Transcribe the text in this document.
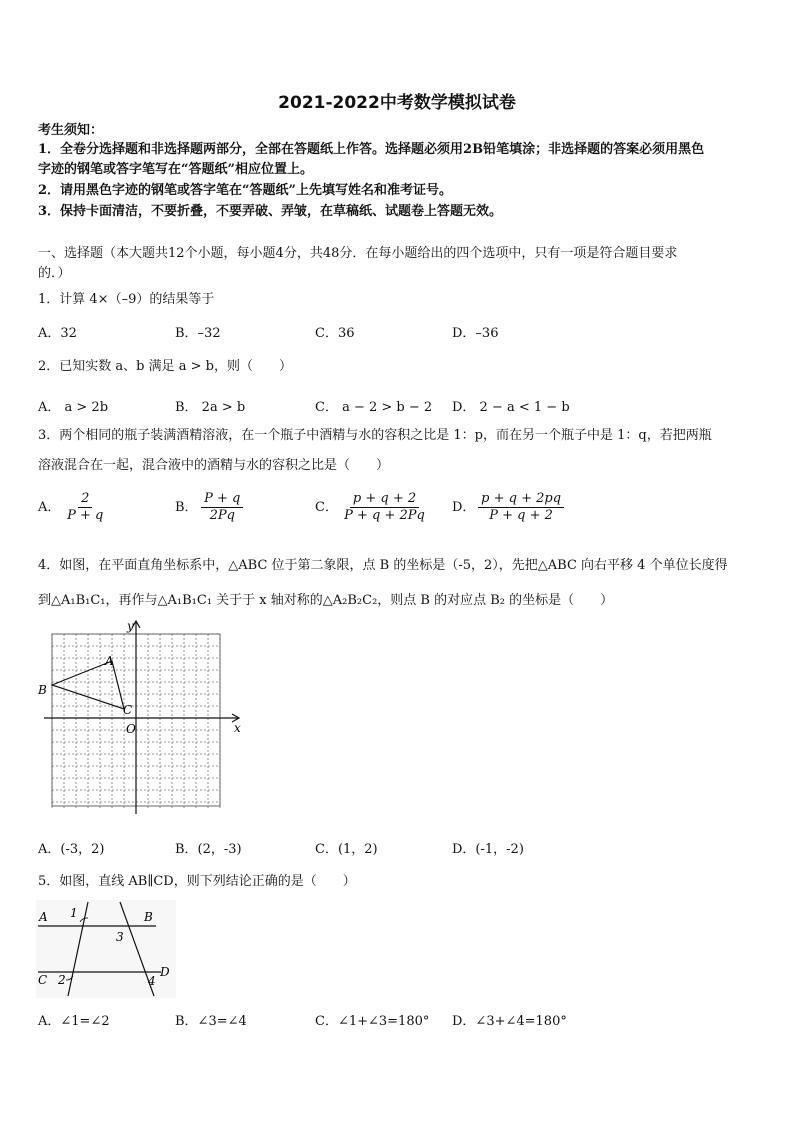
2021-2022中考数学模拟试卷
考生须知：
1．全卷分选择题和非选择题两部分，全部在答题纸上作答。选择题必须用2B铅笔填涂；非选择题的答案必须用黑色
字迹的钢笔或答字笔写在“答题纸”相应位置上。
2．请用黑色字迹的钢笔或答字笔在“答题纸”上先填写姓名和准考证号。
3．保持卡面清洁，不要折叠，不要弄破、弄皱，在草稿纸、试题卷上答题无效。
一、选择题（本大题共12个小题，每小题4分，共48分．在每小题给出的四个选项中，只有一项是符合题目要求
的．）
1．计算 4×（–9）的结果等于
A．32	B．–32	C．36	D．–36
2．已知实数 a、b 满足 a > b，则（　　）
A． a > 2b	B． 2a > b	C． a − 2 > b − 2 D． 2 − a < 1 − b
3．两个相同的瓶子装满酒精溶液，在一个瓶子中酒精与水的容积之比是 1：p，而在另一个瓶子中是 1：q，若把两瓶
溶液混合在一起，混合液中的酒精与水的容积之比是（　　）
A． $\frac{2}{P + q}$	B． $\frac{P + q}{2Pq}$	C． $\frac{p + q + 2}{P + q + 2Pq}$ D． $\frac{p + q + 2pq}{P + q + 2}$
4．如图，在平面直角坐标系中，△ABC 位于第二象限，点 B 的坐标是（-5，2），先把△ABC 向右平移 4 个单位长度得
到△A₁B₁C₁，再作与△A₁B₁C₁ 关于于 x 轴对称的△A₂B₂C₂，则点 B 的对应点 B₂ 的坐标是（　　）
y
x
O
A
B
C
A．(-3，2)	B．(2，-3)	C．(1，2)	D．(-1，-2)
5．如图，直线 AB∥CD，则下列结论正确的是（　　）
A	B
C
D
1
2
3
4
A．∠1=∠2	B．∠3=∠4	C．∠1+∠3=180° D．∠3+∠4=180°
